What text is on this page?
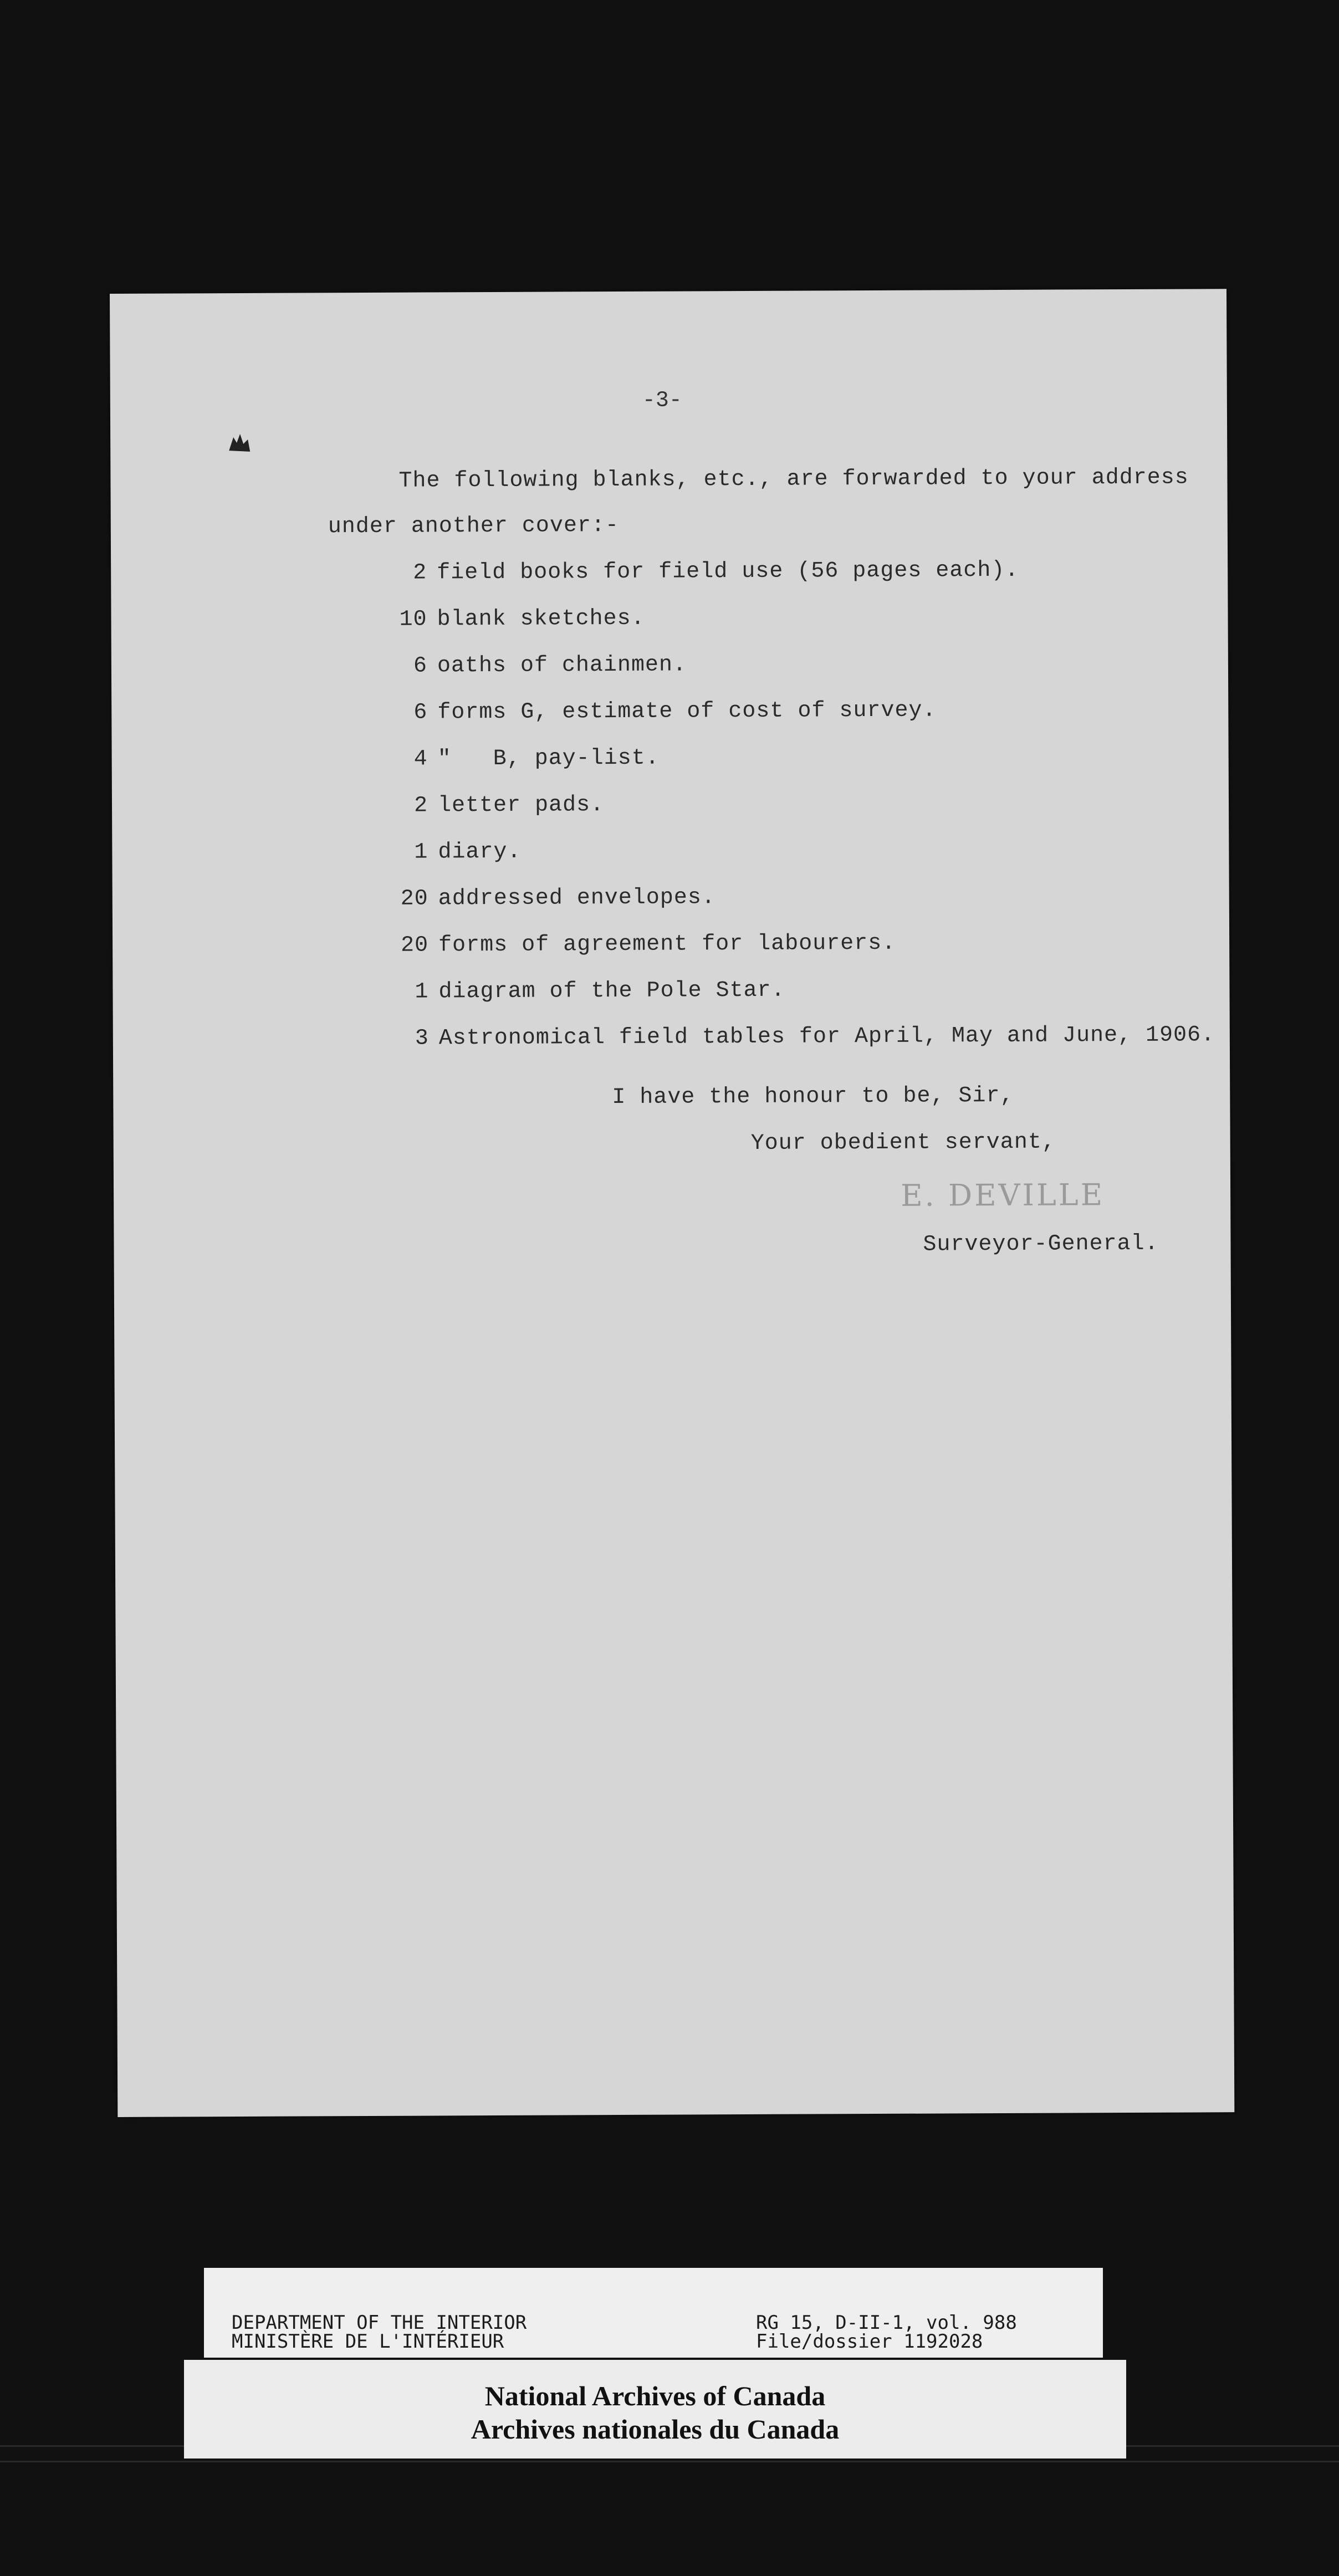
-3-
The following blanks, etc., are forwarded to your address
under another cover:-
2 field books for field use (56 pages each).
10 blank sketches.
6 oaths of chainmen.
6 forms G, estimate of cost of survey.
4 "   B, pay-list.
2 letter pads.
1 diary.
20 addressed envelopes.
20 forms of agreement for labourers.
1 diagram of the Pole Star.
3 Astronomical field tables for April, May and June, 1906.
I have the honour to be, Sir,
Your obedient servant,
E. DEVILLE
Surveyor-General.
DEPARTMENT OF THE INTERIOR
MINISTÈRE DE L'INTÉRIEUR
RG 15, D-II-1, vol. 988
File/dossier 1192028
National Archives of Canada
Archives nationales du Canada
